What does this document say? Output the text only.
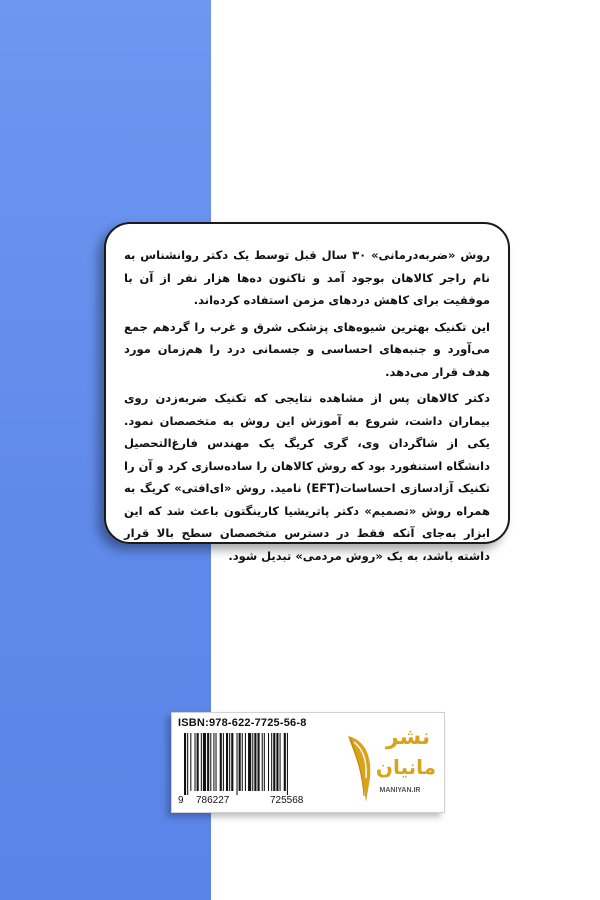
روش «ضربه‌درمانی» ۳۰ سال قبل توسط یک دکتر روانشناس به نام راجر کالاهان بوجود آمد و تاکنون ده‌ها هزار نفر از آن با موفقیت برای کاهش دردهای مزمن استفاده کرده‌اند.

این تکنیک بهترین شیوه‌های پزشکی شرق و غرب را گردهم جمع می‌آورد و جنبه‌های احساسی و جسمانی درد را هم‌زمان مورد هدف قرار می‌دهد.

دکتر کالاهان پس از مشاهده نتایجی که تکنیک ضربه‌زدن روی بیماران داشت، شروع به آموزش این روش به متخصصان نمود. یکی از شاگردان وی، گری کریگ یک مهندس فارغ‌التحصیل دانشگاه استنفورد بود که روش کالاهان را ساده‌سازی کرد و آن را تکنیک آزادسازی احساسات(EFT) نامید. روش «ای‌افتی» کریگ به همراه روش «تصمیم» دکتر پاتریشیا کارینگتون باعث شد که این ابزار به‌جای آنکه فقط در دسترس متخصصان سطح بالا قرار داشته باشد، به یک «روش مردمی» تبدیل شود.

ISBN:978-622-7725-56-8
9 786227	725568
نشر
مانیان
MANIYAN.IR
